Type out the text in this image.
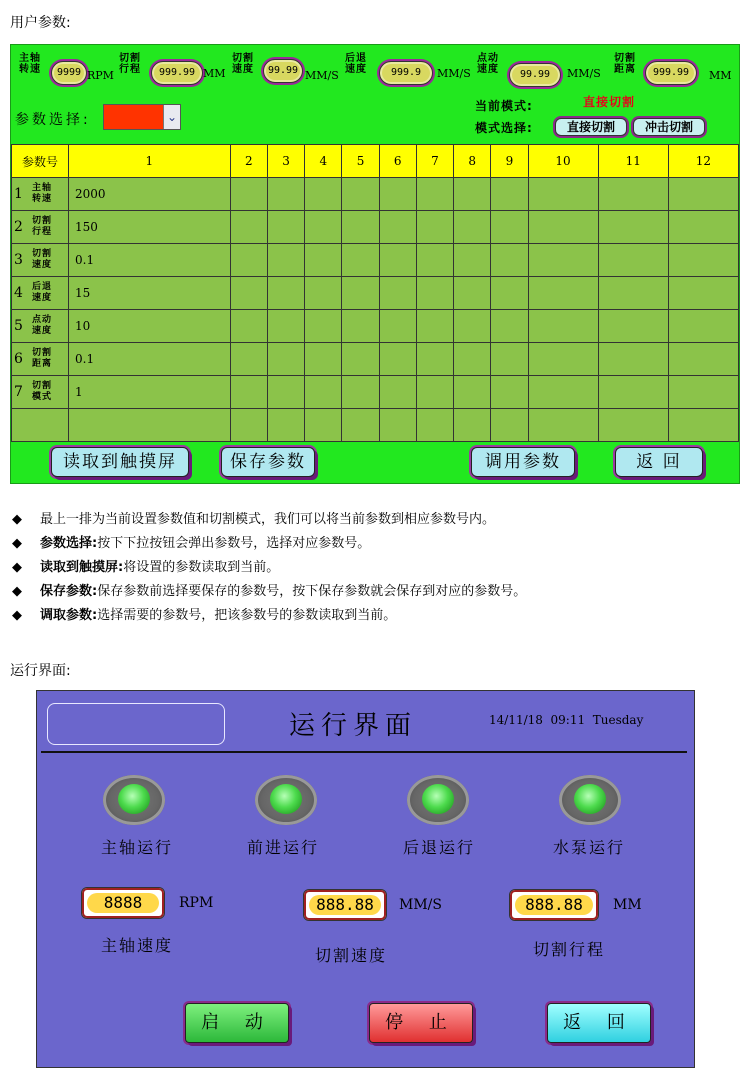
用户参数:
主轴
转速	9999 RPM
切割
行程	999.99 MM
切割
速度	99.99 MM/S
后退
速度	999.9	MM/S
点动
速度	99.99	MM/S
切割
距离	999.99	MM
参数选择:	⌄
当前模式:	直接切割
模式选择:	直接切割	冲击切割
参数号	1	2	3	4	5	6	7	8	9	10	11	12
1 主轴
转速	2000											
2 切割
行程	150											
3 切割
速度	0.1											
4 后退
速度	15											
5 点动
速度	10											
6 切割
距离	0.1											
7 切割
模式	1											

读取到触摸屏	保存参数	调用参数	返 回
◆ 最上一排为当前设置参数值和切割模式，我们可以将当前参数到相应参数号内。
◆ 参数选择:按下下拉按钮会弹出参数号，选择对应参数号。
◆ 读取到触摸屏:将设置的参数读取到当前。
◆ 保存参数:保存参数前选择要保存的参数号，按下保存参数就会保存到对应的参数号。
◆ 调取参数:选择需要的参数号，把该参数号的参数读取到当前。
运行界面:
运行界面	14/11/18  09:11  Tuesday
主轴运行	前进运行	后退运行	水泵运行
8888	RPM
主轴速度
888.88	MM/S
切割速度
888.88	MM
切割行程
启 动	停 止	返 回
